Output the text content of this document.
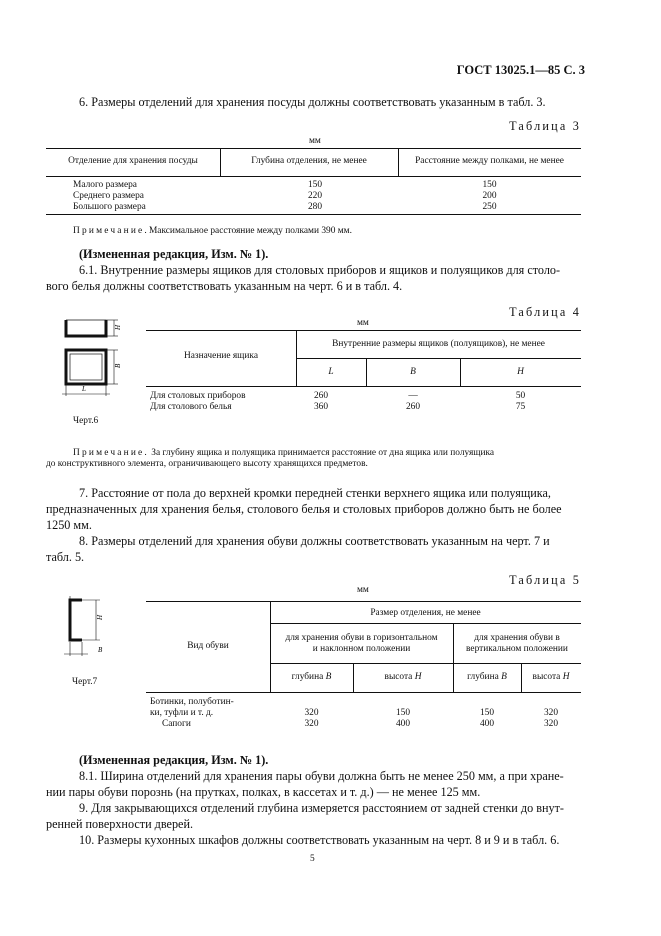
ГОСТ 13025.1—85 С. 3
6. Размеры отделений для хранения посуды должны соответствовать указанным в табл. 3.
Таблица 3
мм
Отделение для хранения посуды	Глубина отделения, не менее	Расстояние между полками, не менее
Малого размера	150	150
Среднего размера	220	200
Большого размера	280	250
Примечание.Максимальное расстояние между полками 390 мм.
(Измененная редакция, Изм. № 1).
6.1. Внутренние размеры ящиков для столовых приборов и ящиков и полуящиков для столо-
вого белья должны соответствовать указанным на черт. 6 и в табл. 4.
H
B
L
Черт.6
Таблица 4
мм
Назначение ящика
Внутренние размеры ящиков (полуящиков), не менее
L	B	H
Для столовых приборов	260	—	50
Для столового белья	360	260	75
Примечание. За глубину ящика и полуящика принимается расстояние от дна ящика или полуящика
до конструктивного элемента, ограничивающего высоту хранящихся предметов.
7. Расстояние от пола до верхней кромки передней стенки верхнего ящика или полуящика,
предназначенных для хранения белья, столового белья и столовых приборов должно быть не более
1250 мм.
8. Размеры отделений для хранения обуви должны соответствовать указанным на черт. 7 и
табл. 5.
H
B
Черт.7
Таблица 5
мм
Вид обуви
Размер отделения, не менее
для хранения обуви в горизонтальном
и наклонном положении
для хранения обуви в
вертикальном положении
глубина B	высота H	глубина B	высота H
Ботинки, полуботин-
ки, туфли и т. д.	320	150	150	320
Сапоги	320	400	400	320
(Измененная редакция, Изм. № 1).
8.1. Ширина отделений для хранения пары обуви должна быть не менее 250 мм, а при хране-
нии пары обуви порознь (на прутках, полках, в кассетах и т. д.) — не менее 125 мм.
9. Для закрывающихся отделений глубина измеряется расстоянием от задней стенки до внут-
ренней поверхности дверей.
10. Размеры кухонных шкафов должны соответствовать указанным на черт. 8 и 9 и в табл. 6.
5
